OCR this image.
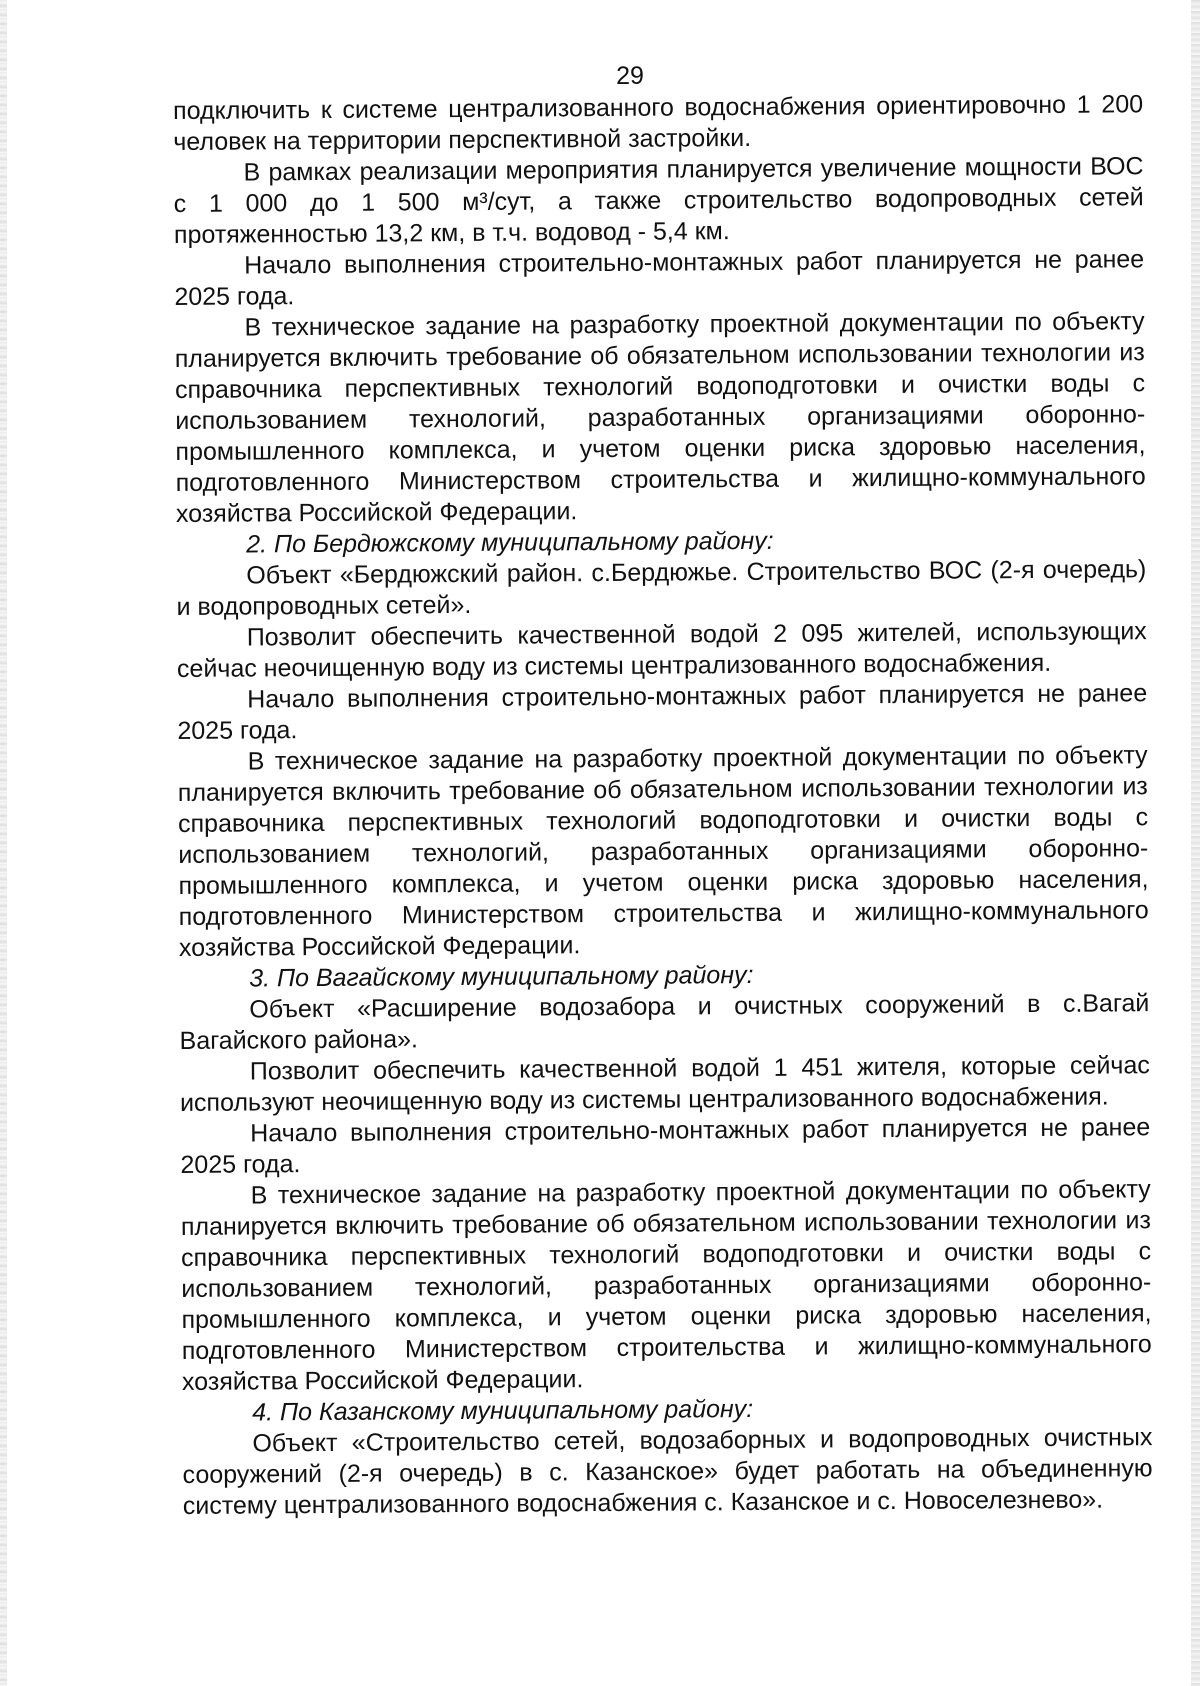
29

подключить к системе централизованного водоснабжения ориентировочно 1 200 человек на территории перспективной застройки.

В рамках реализации мероприятия планируется увеличение мощности ВОС с 1 000 до 1 500 м³/сут, а также строительство водопроводных сетей протяженностью 13,2 км, в т.ч. водовод - 5,4 км.

Начало выполнения строительно-монтажных работ планируется не ранее 2025 года.

В техническое задание на разработку проектной документации по объекту планируется включить требование об обязательном использовании технологии из справочника перспективных технологий водоподготовки и очистки воды с использованием технологий, разработанных организациями оборонно-промышленного комплекса, и учетом оценки риска здоровью населения, подготовленного Министерством строительства и жилищно-коммунального хозяйства Российской Федерации.

2. По Бердюжскому муниципальному району:

Объект «Бердюжский район. с.Бердюжье. Строительство ВОС (2-я очередь) и водопроводных сетей».

Позволит обеспечить качественной водой 2 095 жителей, использующих сейчас неочищенную воду из системы централизованного водоснабжения.

Начало выполнения строительно-монтажных работ планируется не ранее 2025 года.

В техническое задание на разработку проектной документации по объекту планируется включить требование об обязательном использовании технологии из справочника перспективных технологий водоподготовки и очистки воды с использованием технологий, разработанных организациями оборонно-промышленного комплекса, и учетом оценки риска здоровью населения, подготовленного Министерством строительства и жилищно-коммунального хозяйства Российской Федерации.

3. По Вагайскому муниципальному району:

Объект «Расширение водозабора и очистных сооружений в с.Вагай Вагайского района».

Позволит обеспечить качественной водой 1 451 жителя, которые сейчас используют неочищенную воду из системы централизованного водоснабжения.

Начало выполнения строительно-монтажных работ планируется не ранее 2025 года.

В техническое задание на разработку проектной документации по объекту планируется включить требование об обязательном использовании технологии из справочника перспективных технологий водоподготовки и очистки воды с использованием технологий, разработанных организациями оборонно-промышленного комплекса, и учетом оценки риска здоровью населения, подготовленного Министерством строительства и жилищно-коммунального хозяйства Российской Федерации.

4. По Казанскому муниципальному району:

Объект «Строительство сетей, водозаборных и водопроводных очистных сооружений (2-я очередь) в с. Казанское» будет работать на объединенную систему централизованного водоснабжения с. Казанское и с. Новоселезнево».
